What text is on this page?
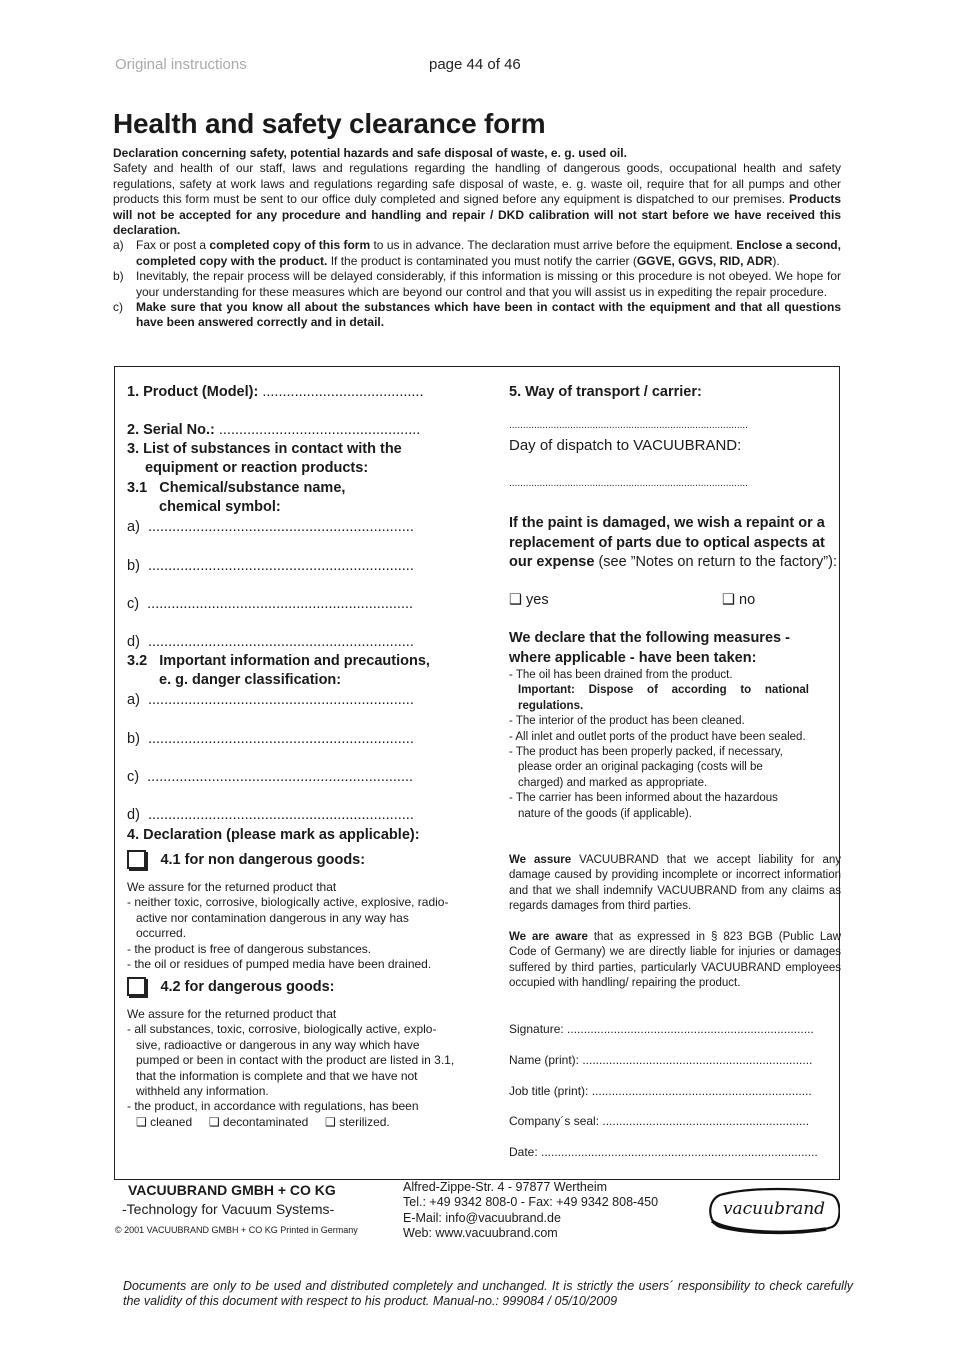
Original instructions	page 44 of 46
Health and safety clearance form

Declaration concerning safety, potential hazards and safe disposal of waste, e. g. used oil.

Safety and health of our staff, laws and regulations regarding the handling of dangerous goods, occupational health and safety regulations, safety at work laws and regulations regarding safe disposal of waste, e. g. waste oil, require that for all pumps and other products this form must be sent to our office duly completed and signed before any equipment is dispatched to our premises. Products will not be accepted for any procedure and handling and repair / DKD calibration will not start before we have received this declaration.

a) Fax or post a completed copy of this form to us in advance. The declaration must arrive before the equipment. Enclose a second, completed copy with the product. If the product is contaminated you must notify the carrier (GGVE, GGVS, RID, ADR).
b) Inevitably, the repair process will be delayed considerably, if this information is missing or this procedure is not obeyed. We hope for your understanding for these measures which are beyond our control and that you will assist us in expediting the repair procedure.
c) Make sure that you know all about the substances which have been in contact with the equipment and that all questions have been answered correctly and in detail.
1. Product (Model): ........................................
2. Serial No.: ..................................................
3. List of substances in contact with the
equipment or reaction products:
3.1 Chemical/substance name,
chemical symbol:
a) ..................................................................
b) ..................................................................
c) ..................................................................
d) ..................................................................
3.2 Important information and precautions,
e. g. danger classification:
a) ..................................................................
b) ..................................................................
c) ..................................................................
d) ..................................................................
4. Declaration (please mark as applicable):
4.1 for non dangerous goods:
We assure for the returned product that
- neither toxic, corrosive, biologically active, explosive, radio-
active nor contamination dangerous in any way has
occurred.
- the product is free of dangerous substances.
- the oil or residues of pumped media have been drained.
4.2 for dangerous goods:
We assure for the returned product that
- all substances, toxic, corrosive, biologically active, explo-
sive, radioactive or dangerous in any way which have
pumped or been in contact with the product are listed in 3.1,
that the information is complete and that we have not
withheld any information.
- the product, in accordance with regulations, has been
❑ cleaned ❑ decontaminated ❑ sterilized.
5. Way of transport / carrier:
......................................................................................
Day of dispatch to VACUUBRAND:
......................................................................................
If the paint is damaged, we wish a repaint or a replacement of parts due to optical aspects at our expense (see ”Notes on return to the factory”):
❑ yes	❑ no
We declare that the following measures - where applicable - have been taken:
- The oil has been drained from the product.
Important: Dispose of according to national regulations.
- The interior of the product has been cleaned.
- All inlet and outlet ports of the product have been sealed.
- The product has been properly packed, if necessary, please order an original packaging (costs will be charged) and marked as appropriate.
- The carrier has been informed about the hazardous nature of the goods (if applicable).
We assure VACUUBRAND that we accept liability for any damage caused by providing incomplete or incorrect information and that we shall indemnify VACUUBRAND from any claims as regards damages from third parties.
We are aware that as expressed in § 823 BGB (Public Law Code of Germany) we are directly liable for injuries or damages suffered by third parties, particularly VACUUBRAND employees occupied with handling/ repairing the product.
Signature: ..........................................................................
Name (print): .....................................................................
Job title (print): ..................................................................
Company´s seal: ..............................................................
Date: ...................................................................................
VACUUBRAND GMBH + CO KG
-Technology for Vacuum Systems-
© 2001 VACUUBRAND GMBH + CO KG Printed in Germany
Alfred-Zippe-Str. 4 - 97877 Wertheim
Tel.: +49 9342 808-0 - Fax: +49 9342 808-450
E-Mail: info@vacuubrand.de
Web: www.vacuubrand.com
vacuubrand
Documents are only to be used and distributed completely and unchanged. It is strictly the users´ responsibility to check carefully the validity of this document with respect to his product. Manual-no.: 999084 / 05/10/2009
